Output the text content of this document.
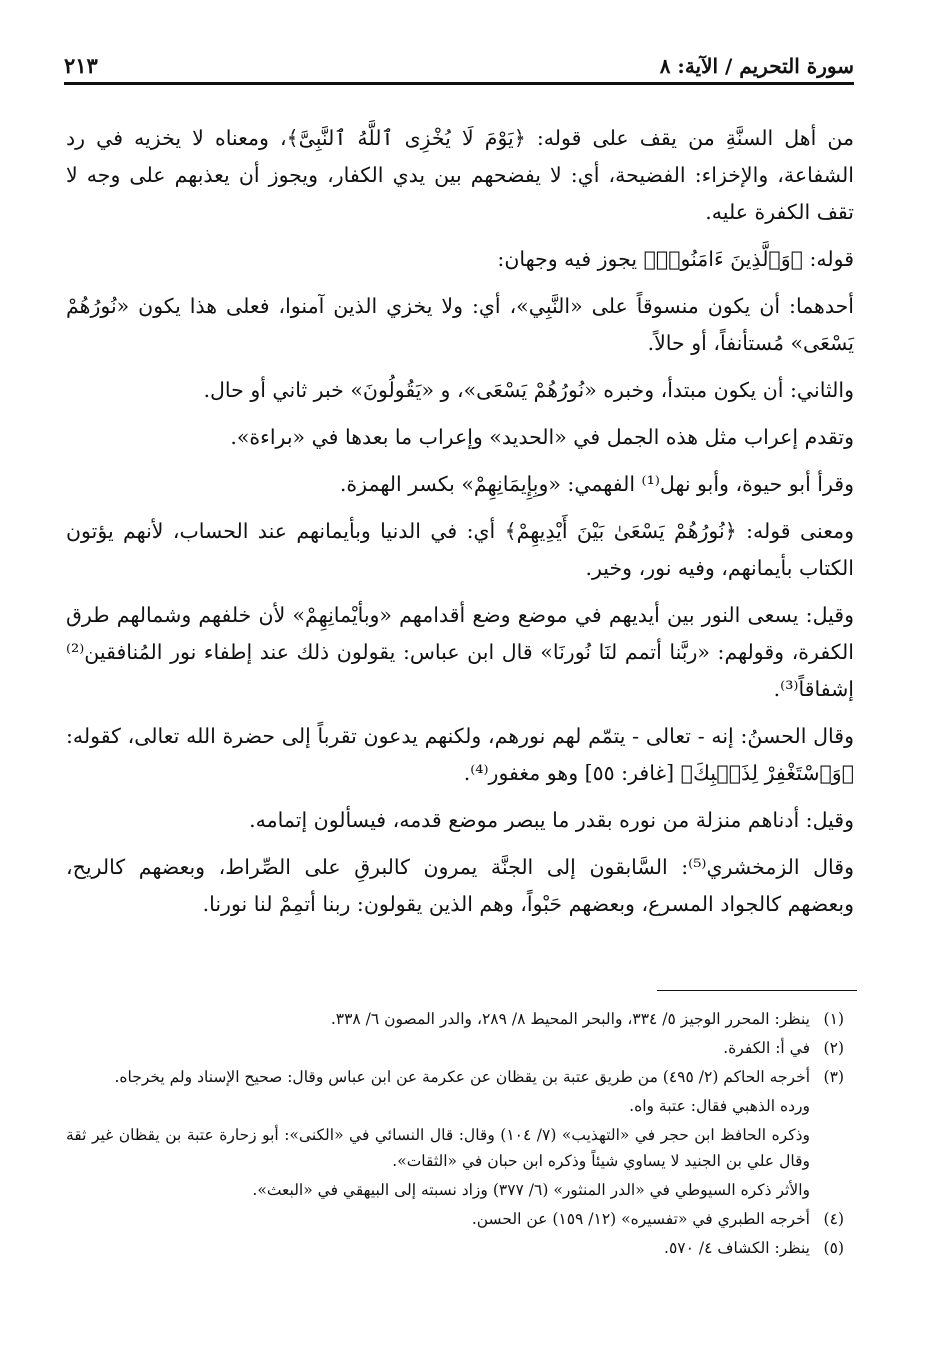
سورة التحريم / الآية: ٨
٢١٣

من أهل السنَّةِ من يقف على قوله: ﴿يَوْمَ لَا يُخْزِى ٱللَّهُ ٱلنَّبِىَّ﴾، ومعناه لا يخزيه في رد الشفاعة، والإخزاء: الفضيحة، أي: لا يفضحهم بين يدي الكفار، ويجوز أن يعذبهم على وجه لا تقف الكفرة عليه.

قوله: ﴿وَٱلَّذِينَ ءَامَنُوا۟﴾ يجوز فيه وجهان:

أحدهما: أن يكون منسوقاً على «النَّبِي»، أي: ولا يخزي الذين آمنوا، فعلى هذا يكون «نُورُهُمْ يَسْعَى» مُستأنفاً، أو حالاً.

والثاني: أن يكون مبتدأ، وخبره «نُورُهُمْ يَسْعَى»، و «يَقُولُونَ» خبر ثاني أو حال.

وتقدم إعراب مثل هذه الجمل في «الحديد» وإعراب ما بعدها في «براءة».

وقرأ أبو حيوة، وأبو نهل⁽¹⁾ الفهمي: «وبِإِيمَانِهِمْ» بكسر الهمزة.

ومعنى قوله: ﴿نُورُهُمْ يَسْعَىٰ بَيْنَ أَيْدِيهِمْ﴾ أي: في الدنيا وبأيمانهم عند الحساب، لأنهم يؤتون الكتاب بأيمانهم، وفيه نور، وخير.

وقيل: يسعى النور بين أيديهم في موضع وضع أقدامهم «وبأيْمانِهِمْ» لأن خلفهم وشمالهم طرق الكفرة، وقولهم: «ربَّنا أتمم لنَا نُورنَا» قال ابن عباس: يقولون ذلك عند إطفاء نور المُنافقين⁽²⁾ إشفاقاً⁽³⁾.

وقال الحسنُ: إنه - تعالى - يتمّم لهم نورهم، ولكنهم يدعون تقرباً إلى حضرة الله تعالى، كقوله: ﴿وَٱسْتَغْفِرْ لِذَنۢبِكَ﴾ [غافر: ٥٥] وهو مغفور⁽⁴⁾.

وقيل: أدناهم منزلة من نوره بقدر ما يبصر موضع قدمه، فيسألون إتمامه.

وقال الزمخشري⁽⁵⁾: السَّابقون إلى الجنَّة يمرون كالبرقِ على الصِّراط، وبعضهم كالريح، وبعضهم كالجواد المسرع، وبعضهم حَبْواً، وهم الذين يقولون: ربنا أتمِمْ لنا نورنا.

(١)ينظر: المحرر الوجيز ٥/ ٣٣٤، والبحر المحيط ٨/ ٢٨٩، والدر المصون ٦/ ٣٣٨.

(٢)في أ: الكفرة.

(٣)أخرجه الحاكم (٢/ ٤٩٥) من طريق عتبة بن يقظان عن عكرمة عن ابن عباس وقال: صحيح الإسناد ولم يخرجاه.

ورده الذهبي فقال: عتبة واه.

وذكره الحافظ ابن حجر في «التهذيب» (٧/ ١٠٤) وقال: قال النسائي في «الكنى»: أبو زحارة عتبة بن يقظان غير ثقة وقال علي بن الجنيد لا يساوي شيئاً وذكره ابن حبان في «الثقات».

والأثر ذكره السيوطي في «الدر المنثور» (٦/ ٣٧٧) وزاد نسبته إلى البيهقي في «البعث».

(٤)أخرجه الطبري في «تفسيره» (١٢/ ١٥٩) عن الحسن.

(٥)ينظر: الكشاف ٤/ ٥٧٠.
